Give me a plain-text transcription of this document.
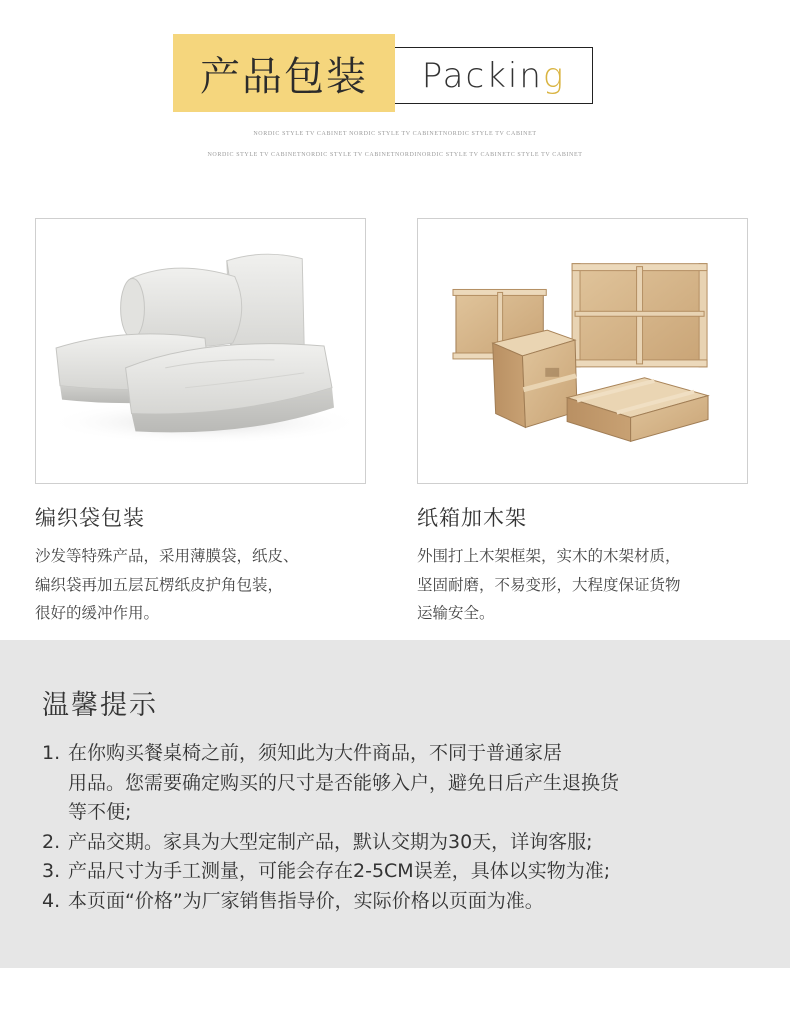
产品包装	Packin g
NORDIC STYLE TV CABINET NORDIC STYLE TV CABINETNORDIC STYLE TV CABINET
NORDIC STYLE TV CABINETNORDIC STYLE TV CABINETNORDINORDIC STYLE TV CABINETC STYLE TV CABINET
编织袋包装
沙发等特殊产品，采用薄膜袋，纸皮、
编织袋再加五层瓦楞纸皮护角包装，
很好的缓冲作用。
纸箱加木架
外围打上木架框架，实木的木架材质，
坚固耐磨，不易变形，大程度保证货物
运输安全。
温馨提示
1. 在你购买餐桌椅之前，须知此为大件商品，不同于普通家居
用品。您需要确定购买的尺寸是否能够入户，避免日后产生退换货
等不便;
2. 产品交期。家具为大型定制产品，默认交期为30天，详询客服;
3. 产品尺寸为手工测量，可能会存在2-5CM误差，具体以实物为准;
4. 本页面“价格”为厂家销售指导价，实际价格以页面为准。
